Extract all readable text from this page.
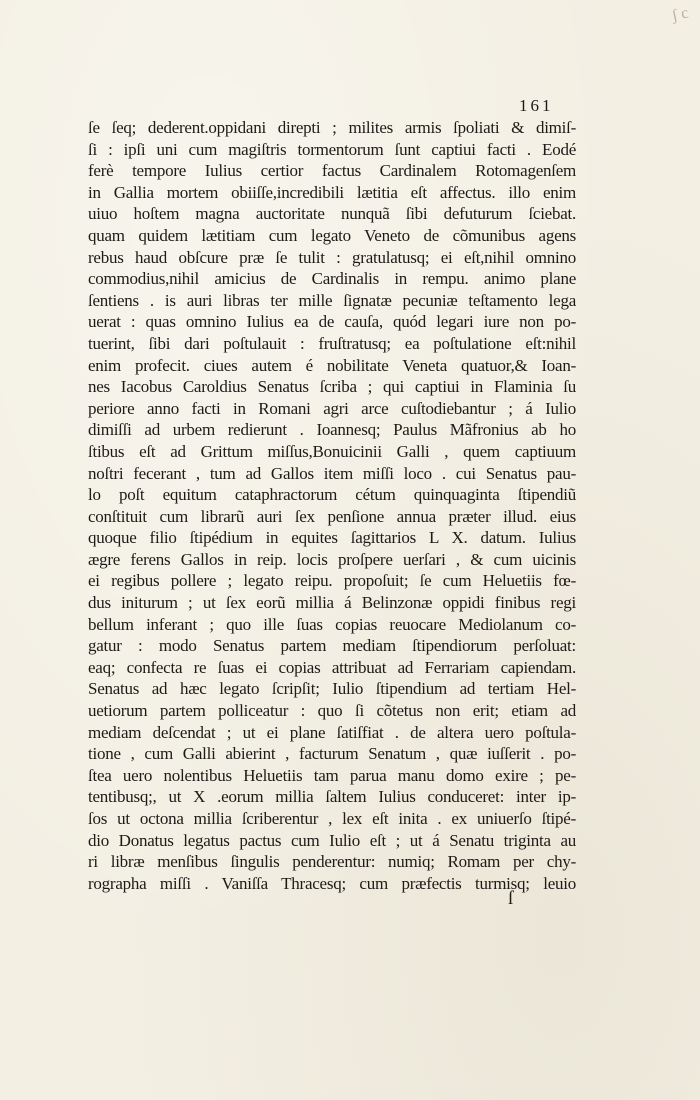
ʃ c
161
ſe ſeq; dederent.oppidani direpti ; milites armis ſpoliati & dimiſ-
ſi : ipſi uni cum magiſtris tormentorum ſunt captiui facti . Eodé
ferè tempore Iulius certior factus Cardinalem Rotomagenſem
in Gallia mortem obiiſſe,incredibili lætitia eſt affectus. illo enim
uiuo hoſtem magna auctoritate nunquã ſibi defuturum ſciebat.
quam quidem lætitiam cum legato Veneto de cõmunibus agens
rebus haud obſcure præ ſe tulit : gratulatusq; ei eſt,nihil omnino
commodius,nihil amicius de Cardinalis in rempu. animo plane
ſentiens . is auri libras ter mille ſignatæ pecuniæ teſtamento lega
uerat : quas omnino Iulius ea de cauſa, quód legari iure non po-
tuerint, ſibi dari poſtulauit : fruſtratusq; ea poſtulatione eſt:nihil
enim profecit. ciues autem é nobilitate Veneta quatuor,& Ioan-
nes Iacobus Caroldius Senatus ſcriba ; qui captiui in Flaminia ſu
periore anno facti in Romani agri arce cuſtodiebantur ; á Iulio
dimiſſi ad urbem redierunt . Ioannesq; Paulus Mãfronius ab ho
ſtibus eſt ad Grittum miſſus,Bonuicinii Galli , quem captiuum
noſtri fecerant , tum ad Gallos item miſſi loco . cui Senatus pau-
lo poſt equitum cataphractorum cétum quinquaginta ſtipendiũ
conſtituit cum librarũ auri ſex penſione annua præter illud. eius
quoque filio ſtipédium in equites ſagittarios L X. datum. Iulius
ægre ferens Gallos in reip. locis proſpere uerſari , & cum uicinis
ei regibus pollere ; legato reipu. propoſuit; ſe cum Heluetiis fœ-
dus initurum ; ut ſex eorũ millia á Belinzonæ oppidi finibus regi
bellum inferant ; quo ille ſuas copias reuocare Mediolanum co-
gatur : modo Senatus partem mediam ſtipendiorum perſoluat:
eaq; confecta re ſuas ei copias attribuat ad Ferrariam capiendam.
Senatus ad hæc legato ſcripſit; Iulio ſtipendium ad tertiam Hel-
uetiorum partem polliceatur : quo ſi cõtetus non erit; etiam ad
mediam deſcendat ; ut ei plane ſatiſfiat . de altera uero poſtula-
tione , cum Galli abierint , facturum Senatum , quæ iuſſerit . po-
ſtea uero nolentibus Heluetiis tam parua manu domo exire ; pe-
tentibusq;, ut X .eorum millia ſaltem Iulius conduceret: inter ip-
ſos ut octona millia ſcriberentur , lex eſt inita . ex uniuerſo ſtipé-
dio Donatus legatus pactus cum Iulio eſt ; ut á Senatu triginta au
ri libræ menſibus ſingulis penderentur: numiq; Romam per chy-
rographa miſſi . Vaniſſa Thracesq; cum præfectis turmisq; leuio
ſ
